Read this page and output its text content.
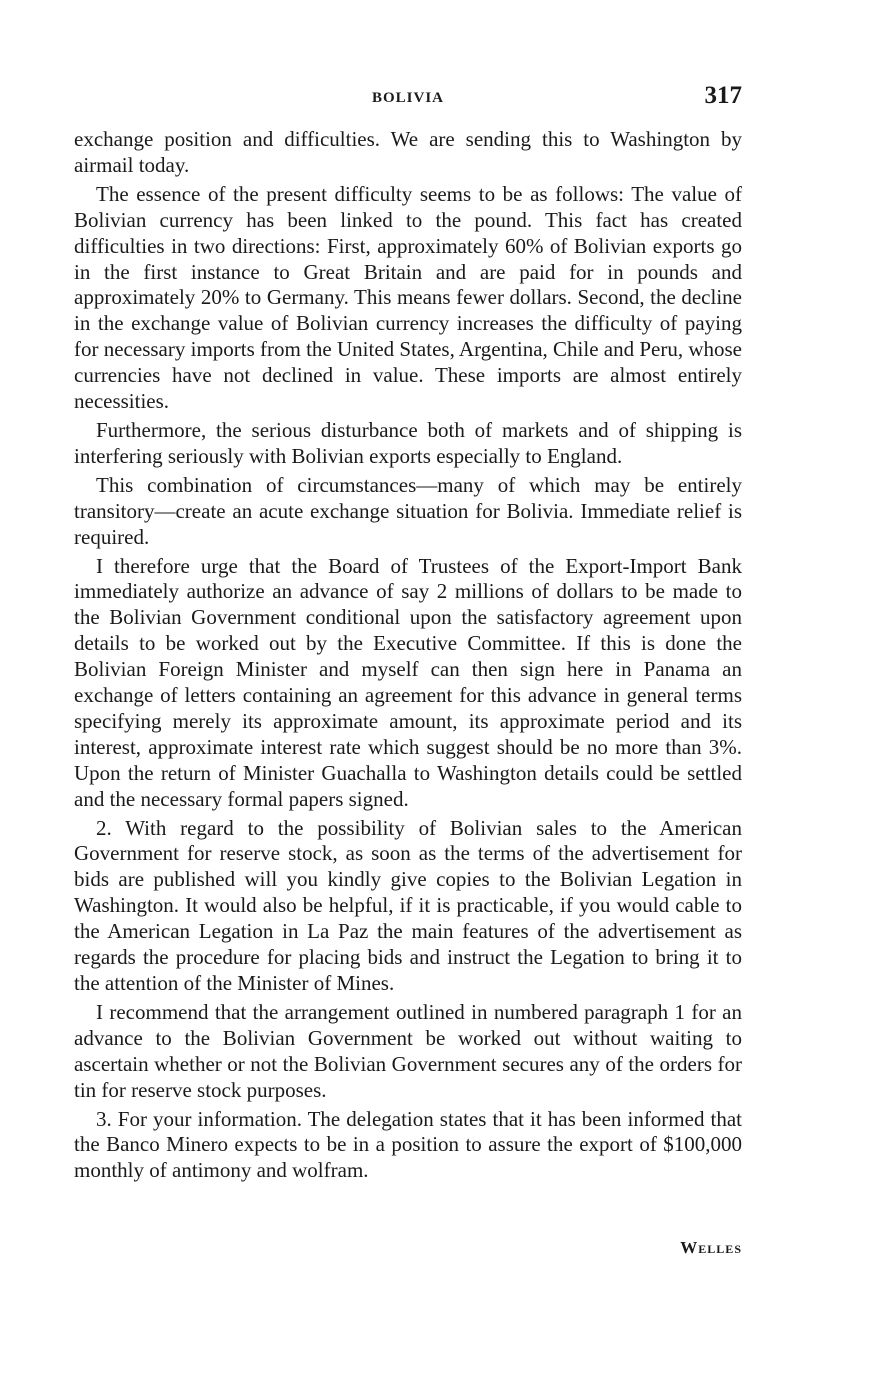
BOLIVIA	317

exchange position and difficulties. We are sending this to Washington by airmail today.

The essence of the present difficulty seems to be as follows: The value of Bolivian currency has been linked to the pound. This fact has created difficulties in two directions: First, approximately 60% of Bolivian exports go in the first instance to Great Britain and are paid for in pounds and approximately 20% to Germany. This means fewer dollars. Second, the decline in the exchange value of Bolivian currency increases the difficulty of paying for necessary imports from the United States, Argentina, Chile and Peru, whose currencies have not declined in value. These imports are almost entirely necessities.

Furthermore, the serious disturbance both of markets and of shipping is interfering seriously with Bolivian exports especially to England.

This combination of circumstances—many of which may be entirely transitory—create an acute exchange situation for Bolivia. Immediate relief is required.

I therefore urge that the Board of Trustees of the Export-Import Bank immediately authorize an advance of say 2 millions of dollars to be made to the Bolivian Government conditional upon the satisfactory agreement upon details to be worked out by the Executive Committee. If this is done the Bolivian Foreign Minister and myself can then sign here in Panama an exchange of letters containing an agreement for this advance in general terms specifying merely its approximate amount, its approximate period and its interest, approximate interest rate which suggest should be no more than 3%. Upon the return of Minister Guachalla to Washington details could be settled and the necessary formal papers signed.

2. With regard to the possibility of Bolivian sales to the American Government for reserve stock, as soon as the terms of the advertisement for bids are published will you kindly give copies to the Bolivian Legation in Washington. It would also be helpful, if it is practicable, if you would cable to the American Legation in La Paz the main features of the advertisement as regards the procedure for placing bids and instruct the Legation to bring it to the attention of the Minister of Mines.

I recommend that the arrangement outlined in numbered paragraph 1 for an advance to the Bolivian Government be worked out without waiting to ascertain whether or not the Bolivian Government secures any of the orders for tin for reserve stock purposes.

3. For your information. The delegation states that it has been informed that the Banco Minero expects to be in a position to assure the export of $100,000 monthly of antimony and wolfram.

Welles
